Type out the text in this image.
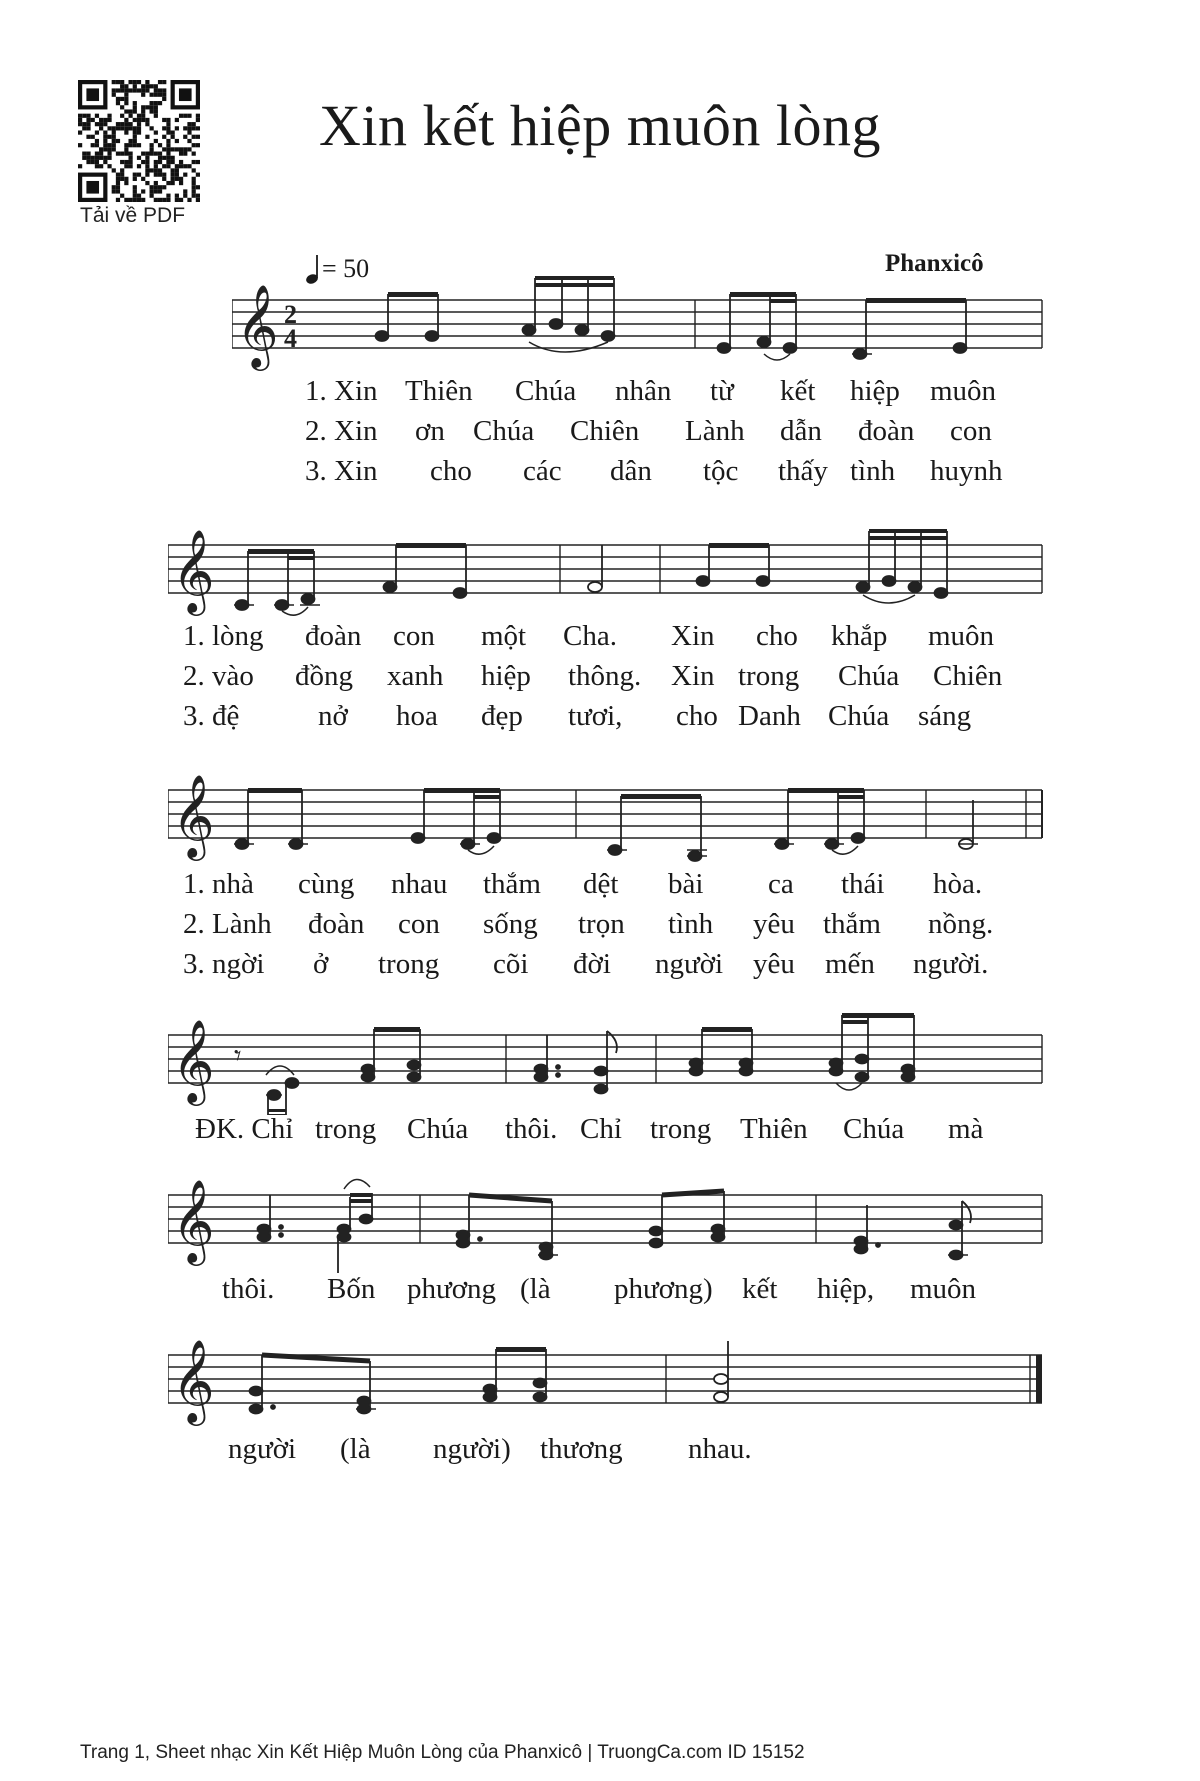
Tải về PDF
Xin kết hiệp muôn lòng
= 50	Phanxicô
𝄞 2
4
1. Xin Thiên Chúa nhân từ kết hiệp muôn
2. Xin ơn Chúa Chiên Lành dẫn đoàn con
3. Xin cho các dân tộc thấy tình huynh
𝄞
1. lòng đoàn con một Cha. Xin cho khắp muôn
2. vào đồng xanh hiệp thông. Xin trong Chúa Chiên
3. đệ	nở hoa đẹp tươi, cho Danh Chúa sáng
𝄞
1. nhà cùng nhau thắm dệt bài ca thái hòa.
2. Lành đoàn con sống trọn tình yêu thắm nồng.
3. ngời ở trong cõi đời người yêu mến người.
𝄞 𝄾
ĐK. Chỉ trong Chúa thôi. Chỉ trong Thiên Chúa mà
𝄞
thôi. Bốn phương (là phương) kết hiệp, muôn
𝄞
người (là người) thương nhau.
Trang 1, Sheet nhạc Xin Kết Hiệp Muôn Lòng của Phanxicô | TruongCa.com ID 15152
